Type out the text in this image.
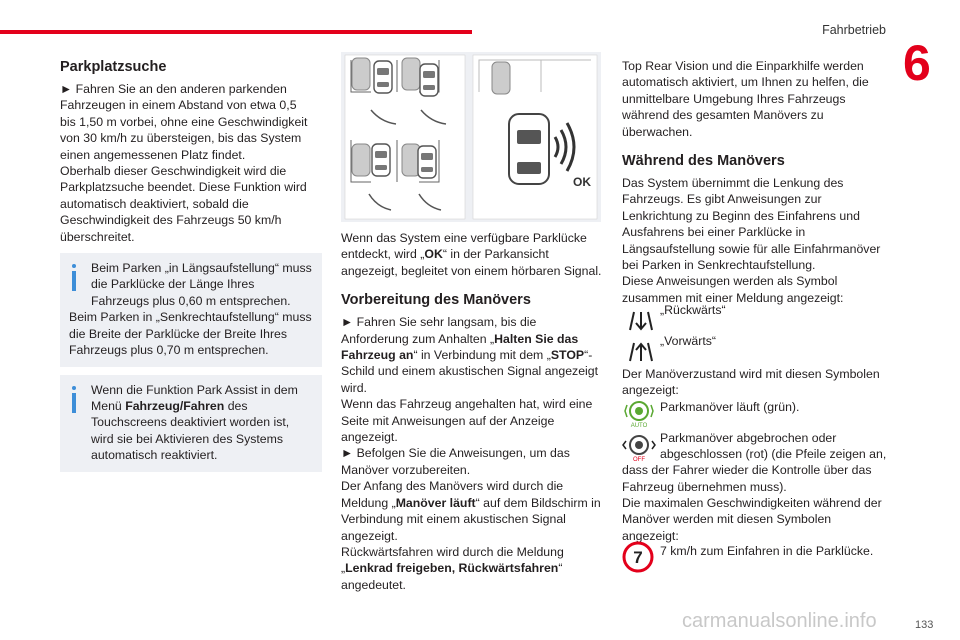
Fahrbetrieb
6
Parkplatzsuche

► Fahren Sie an den anderen parkenden Fahrzeugen in einem Abstand von etwa 0,5 bis 1,50 m vorbei, ohne eine Geschwindigkeit von 30 km/h zu übersteigen, bis das System einen angemessenen Platz findet.

Oberhalb dieser Geschwindigkeit wird die Parkplatzsuche beendet. Diese Funktion wird automatisch deaktiviert, sobald die Geschwindigkeit des Fahrzeugs 50 km/h überschreitet.

Beim Parken „in Längsaufstellung“ muss die Parklücke der Länge Ihres Fahrzeugs plus 0,60 m entsprechen.

Beim Parken in „Senkrechtaufstellung“ muss die Breite der Parklücke der Breite Ihres Fahrzeugs plus 0,70 m entsprechen.

Wenn die Funktion Park Assist in dem Menü Fahrzeug/Fahren des Touchscreens deaktiviert worden ist, wird sie bei Aktivieren des Systems automatisch reaktiviert.

OK

Wenn das System eine verfügbare Parklücke entdeckt, wird „OK“ in der Parkansicht angezeigt, begleitet von einem hörbaren Signal.

Vorbereitung des Manövers

► Fahren Sie sehr langsam, bis die Anforderung zum Anhalten „Halten Sie das Fahrzeug an“ in Verbindung mit dem „STOP“-Schild und einem akustischen Signal angezeigt wird.

Wenn das Fahrzeug angehalten hat, wird eine Seite mit Anweisungen auf der Anzeige angezeigt.

► Befolgen Sie die Anweisungen, um das Manöver vorzubereiten.

Der Anfang des Manövers wird durch die Meldung „Manöver läuft“ auf dem Bildschirm in Verbindung mit einem akustischen Signal angezeigt.

Rückwärtsfahren wird durch die Meldung „Lenkrad freigeben, Rückwärtsfahren“ angedeutet.

Top Rear Vision und die Einparkhilfe werden automatisch aktiviert, um Ihnen zu helfen, die unmittelbare Umgebung Ihres Fahrzeugs während des gesamten Manövers zu überwachen.

Während des Manövers

Das System übernimmt die Lenkung des Fahrzeugs. Es gibt Anweisungen zur Lenkrichtung zu Beginn des Einfahrens und Ausfahrens bei einer Parklücke in Längsaufstellung sowie für alle Einfahrmanöver bei Parken in Senkrechtaufstellung.

Diese Anweisungen werden als Symbol zusammen mit einer Meldung angezeigt:

„Rückwärts“
„Vorwärts“
Der Manöverzustand wird mit diesen Symbolen angezeigt:
AUTO
Parkmanöver läuft (grün).
OFF
Parkmanöver abgebrochen oder
abgeschlossen (rot) (die Pfeile zeigen an, dass der Fahrer wieder die Kontrolle über das Fahrzeug übernehmen muss).
Die maximalen Geschwindigkeiten während der Manöver werden mit diesen Symbolen angezeigt:
7 7 km/h zum Einfahren in die Parklücke.
carmanualsonline.info	133
